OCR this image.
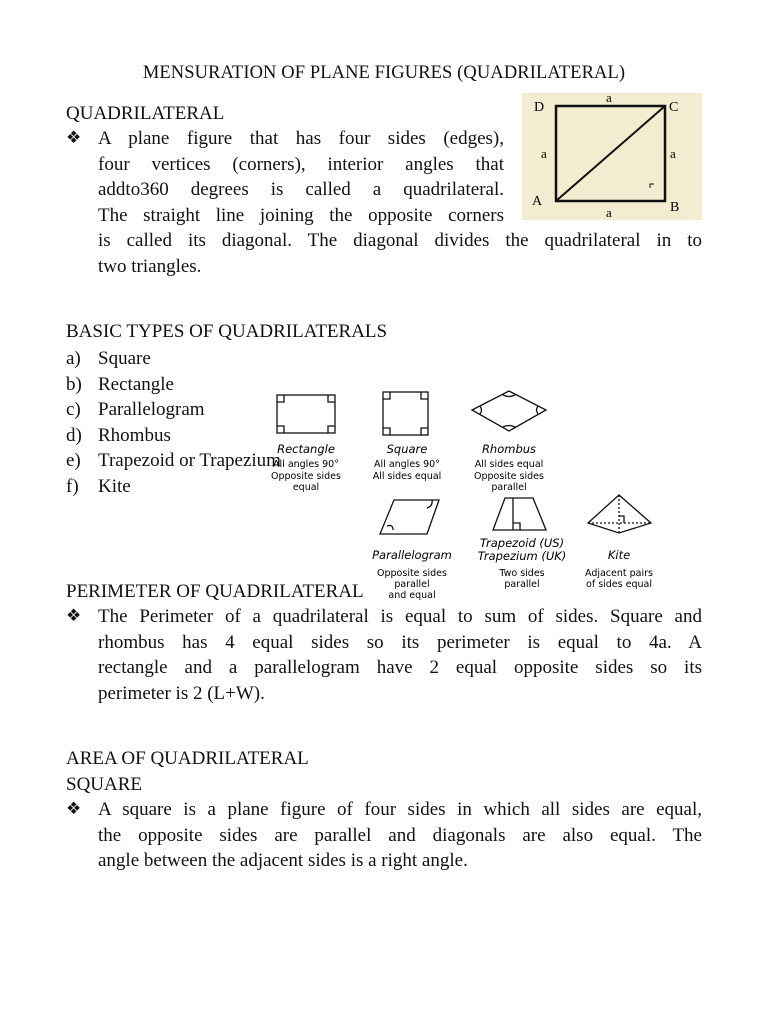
MENSURATION OF PLANE FIGURES (QUADRILATERAL)
QUADRILATERAL
❖ A plane figure that has four sides (edges),
four vertices (corners), interior angles that
addto360 degrees is called a quadrilateral.
The straight line joining the opposite corners
is called its diagonal. The diagonal divides the quadrilateral in to
two triangles.
D	C
A	B
a
a	a
a
BASIC TYPES OF QUADRILATERALS
a) Square
b) Rectangle
c) Parallelogram
d) Rhombus
e) Trapezoid or Trapezium
f) Kite
Rectangle
All angles 90°
Opposite sides
equal
Square
All angles 90°
All sides equal
Rhombus
All sides equal
Opposite sides
parallel
Parallelogram
Opposite sides
parallel
and equal
Trapezoid (US)
Trapezium (UK)
Two sides
parallel
Kite
Adjacent pairs
of sides equal
PERIMETER OF QUADRILATERAL
❖ The Perimeter of a quadrilateral is equal to sum of sides. Square and
rhombus has 4 equal sides so its perimeter is equal to 4a. A
rectangle and a parallelogram have 2 equal opposite sides so its
perimeter is 2 (L+W).
AREA OF QUADRILATERAL
SQUARE
❖ A square is a plane figure of four sides in which all sides are equal,
the opposite sides are parallel and diagonals are also equal. The
angle between the adjacent sides is a right angle.
